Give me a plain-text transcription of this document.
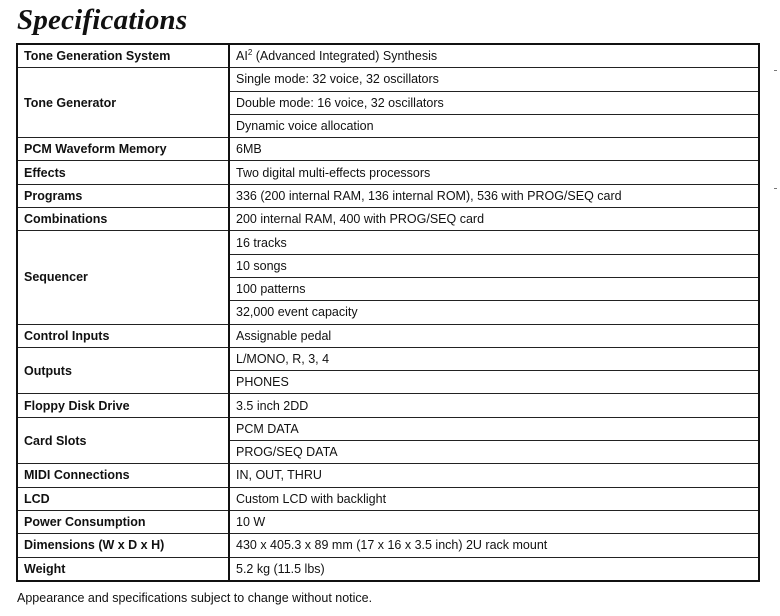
Specifications
Tone Generation System	$AI^2$ (Advanced Integrated) Synthesis
Tone Generator	Single mode: 32 voice, 32 oscillators
	Double mode: 16 voice, 32 oscillators
	Dynamic voice allocation
PCM Waveform Memory	6MB
Effects	Two digital multi-effects processors
Programs	336 (200 internal RAM, 136 internal ROM), 536 with PROG/SEQ card
Combinations	200 internal RAM, 400 with PROG/SEQ card
Sequencer	16 tracks
	10 songs
	100 patterns
	32,000 event capacity
Control Inputs	Assignable pedal
Outputs	L/MONO, R, 3, 4
	PHONES
Floppy Disk Drive	3.5 inch 2DD
Card Slots	PCM DATA
	PROG/SEQ DATA
MIDI Connections	IN, OUT, THRU
LCD	Custom LCD with backlight
Power Consumption	10 W
Dimensions (W x D x H)	430 x 405.3 x 89 mm (17 x 16 x 3.5 inch) 2U rack mount
Weight	5.2 kg (11.5 lbs)
Appearance and specifications subject to change without notice.
